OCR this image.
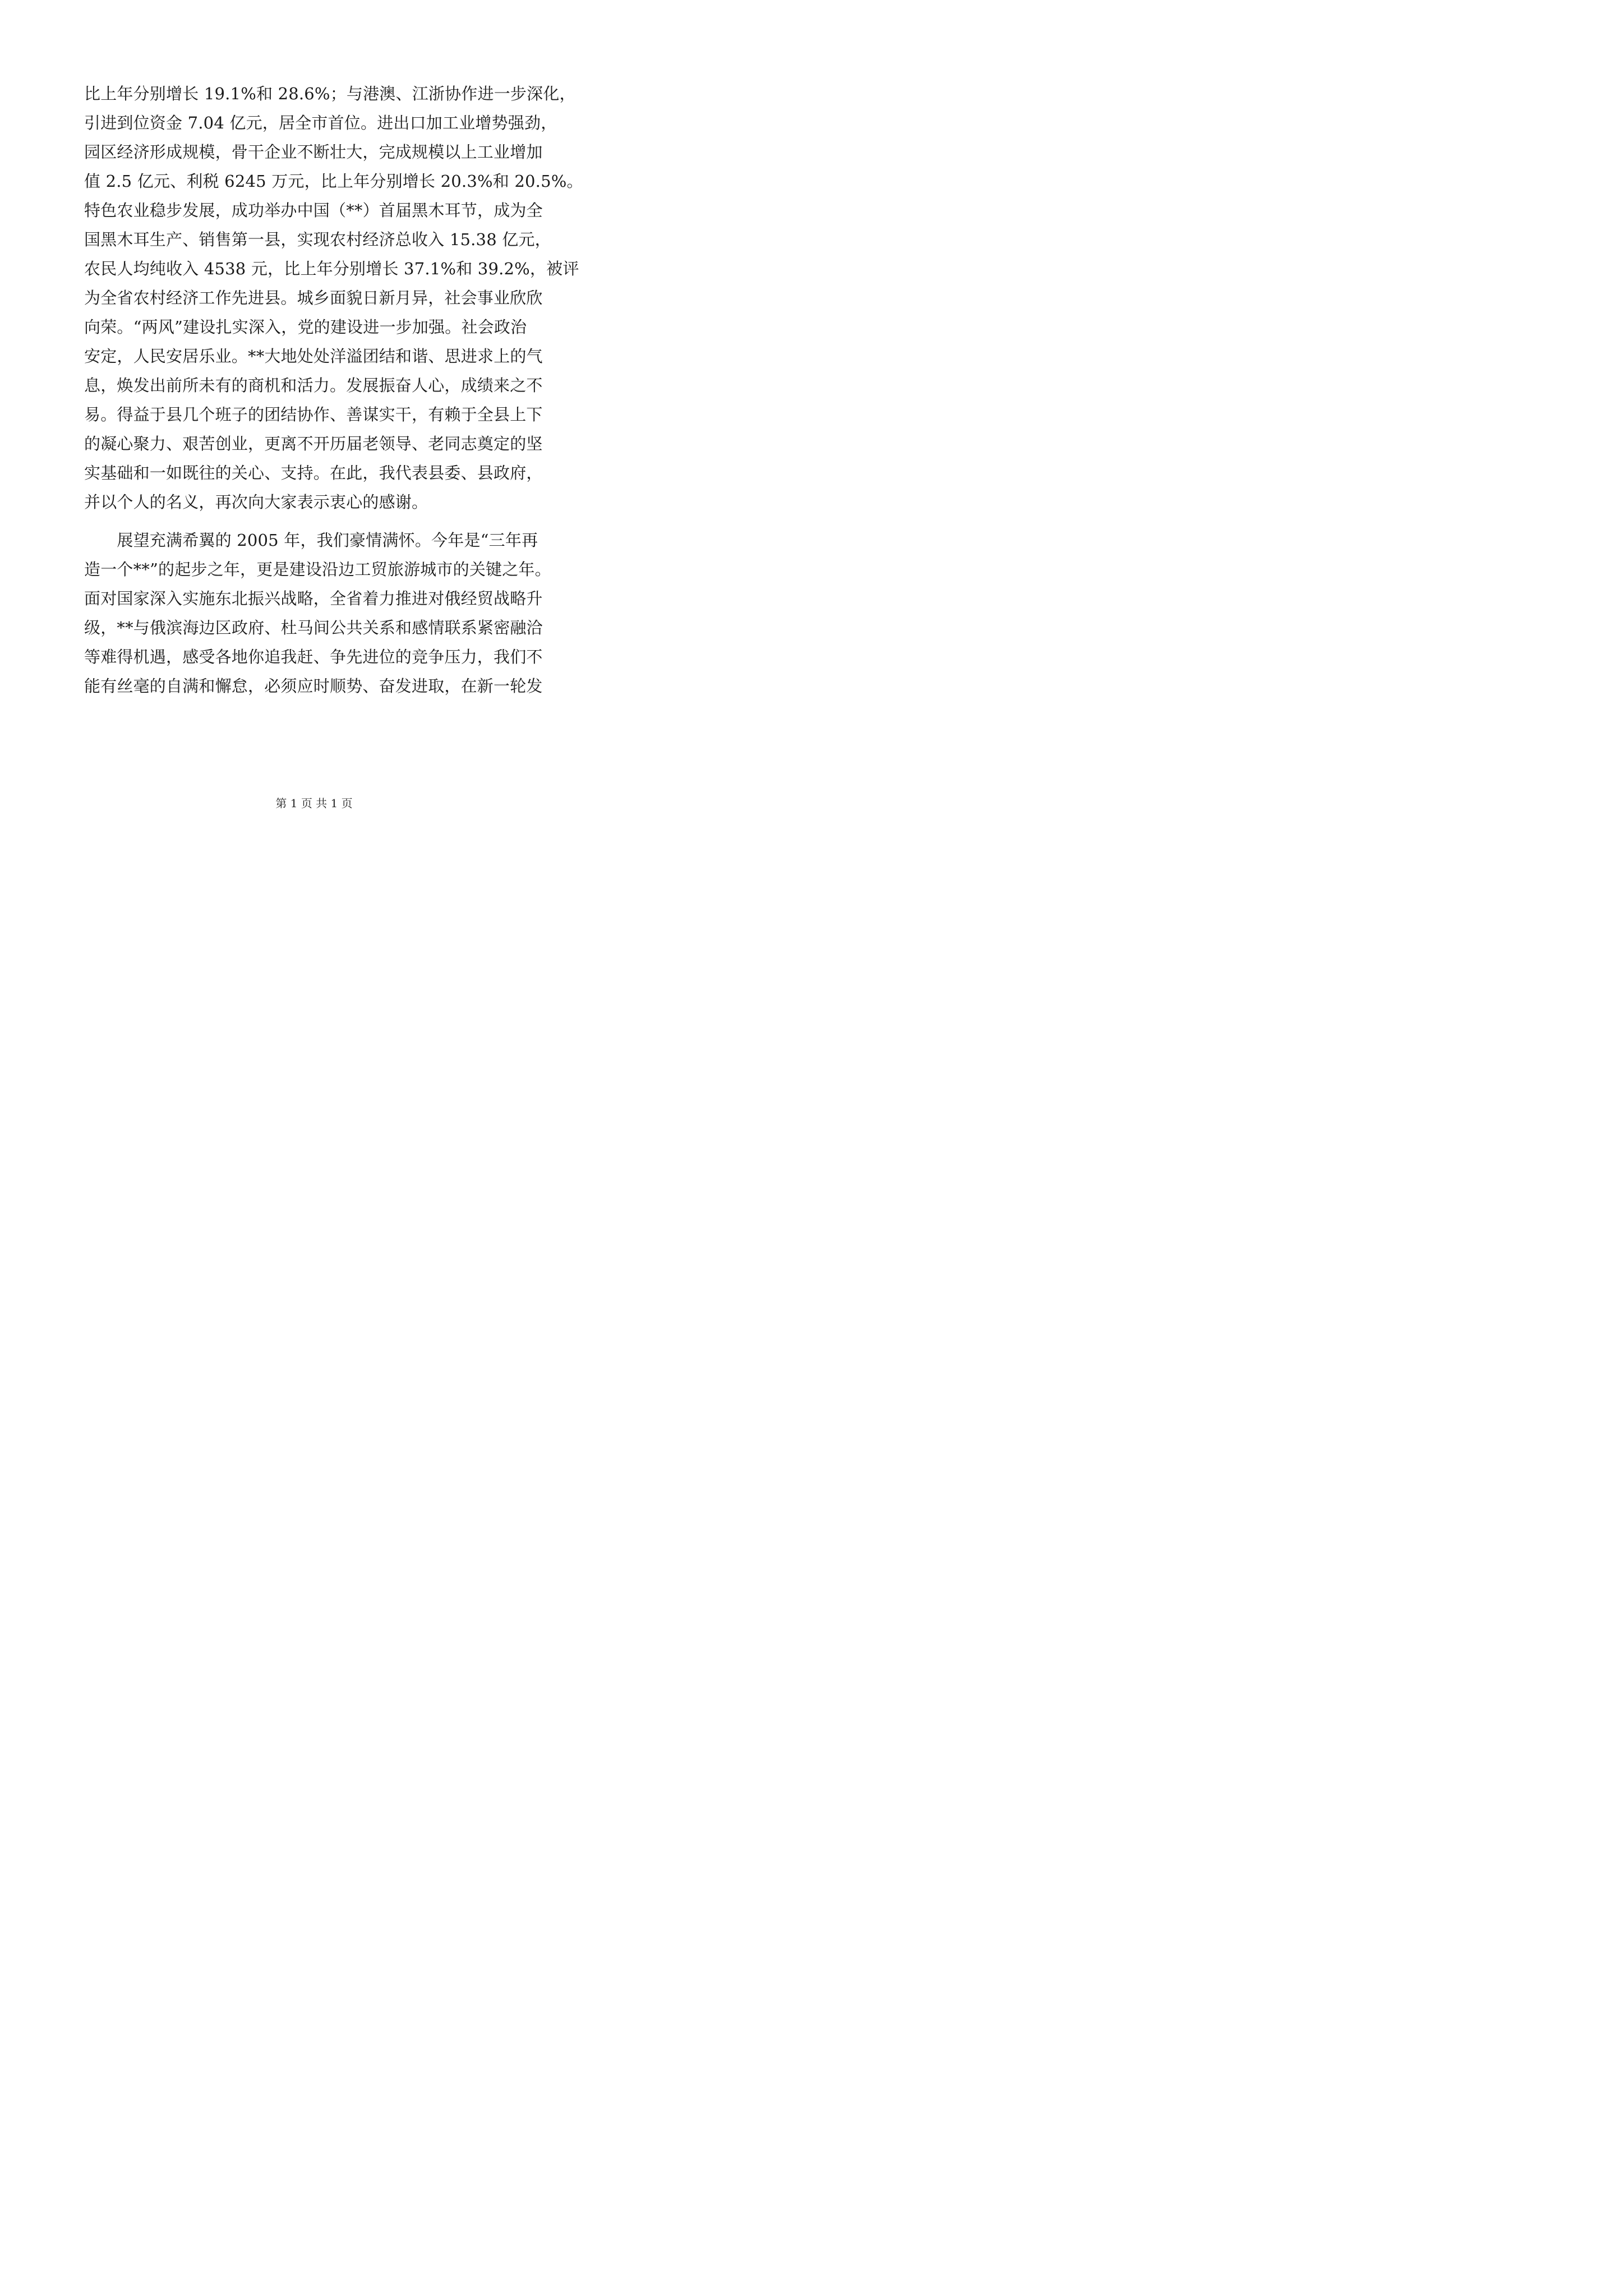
比上年分别增长 19.1%和 28.6%；与港澳、江浙协作进一步深化，
引进到位资金 7.04 亿元，居全市首位。进出口加工业增势强劲，
园区经济形成规模，骨干企业不断壮大，完成规模以上工业增加
值 2.5 亿元、利税 6245 万元，比上年分别增长 20.3%和 20.5%。
特色农业稳步发展，成功举办中国（**）首届黑木耳节，成为全
国黑木耳生产、销售第一县，实现农村经济总收入 15.38 亿元，
农民人均纯收入 4538 元，比上年分别增长 37.1%和 39.2%，被评
为全省农村经济工作先进县。城乡面貌日新月异，社会事业欣欣
向荣。“两风”建设扎实深入，党的建设进一步加强。社会政治
安定，人民安居乐业。**大地处处洋溢团结和谐、思进求上的气
息，焕发出前所未有的商机和活力。发展振奋人心，成绩来之不
易。得益于县几个班子的团结协作、善谋实干，有赖于全县上下
的凝心聚力、艰苦创业，更离不开历届老领导、老同志奠定的坚
实基础和一如既往的关心、支持。在此，我代表县委、县政府，
并以个人的名义，再次向大家表示衷心的感谢。
　　展望充满希翼的 2005 年，我们豪情满怀。今年是“三年再
造一个**”的起步之年，更是建设沿边工贸旅游城市的关键之年。
面对国家深入实施东北振兴战略，全省着力推进对俄经贸战略升
级，**与俄滨海边区政府、杜马间公共关系和感情联系紧密融洽
等难得机遇，感受各地你追我赶、争先进位的竞争压力，我们不
能有丝毫的自满和懈怠，必须应时顺势、奋发进取，在新一轮发
第 1 页 共 1 页
